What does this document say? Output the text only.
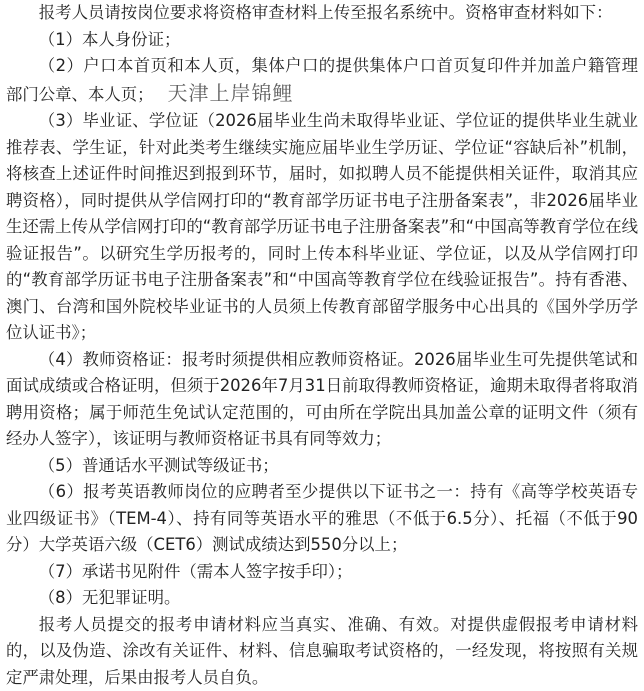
报考人员请按岗位要求将资格审查材料上传至报名系统中。资格审查材料如下：

（1）本人身份证；

（2）户口本首页和本人页，集体户口的提供集体户口首页复印件并加盖户籍管理部门公章、本人页； 天津上岸锦鲤

（3）毕业证、学位证（2026届毕业生尚未取得毕业证、学位证的提供毕业生就业推荐表、学生证，针对此类考生继续实施应届毕业生学历证、学位证“容缺后补”机制，将核查上述证件时间推迟到报到环节，届时，如拟聘人员不能提供相关证件，取消其应聘资格），同时提供从学信网打印的“教育部学历证书电子注册备案表”，非2026届毕业生还需上传从学信网打印的“教育部学历证书电子注册备案表”和“中国高等教育学位在线验证报告”。以研究生学历报考的，同时上传本科毕业证、学位证，以及从学信网打印的“教育部学历证书电子注册备案表”和“中国高等教育学位在线验证报告”。持有香港、澳门、台湾和国外院校毕业证书的人员须上传教育部留学服务中心出具的《国外学历学位认证书》；

（4）教师资格证：报考时须提供相应教师资格证。2026届毕业生可先提供笔试和面试成绩或合格证明，但须于2026年7月31日前取得教师资格证，逾期未取得者将取消聘用资格；属于师范生免试认定范围的，可由所在学院出具加盖公章的证明文件（须有经办人签字），该证明与教师资格证书具有同等效力；

（5）普通话水平测试等级证书；

（6）报考英语教师岗位的应聘者至少提供以下证书之一：持有《高等学校英语专业四级证书》（TEM-4）、持有同等英语水平的雅思（不低于6.5分）、托福（不低于90分）大学英语六级（CET6）测试成绩达到550分以上；

（7）承诺书见附件（需本人签字按手印）；

（8）无犯罪证明。

报考人员提交的报考申请材料应当真实、准确、有效。对提供虚假报考申请材料的，以及伪造、涂改有关证件、材料、信息骗取考试资格的，一经发现，将按照有关规定严肃处理，后果由报考人员自负。
